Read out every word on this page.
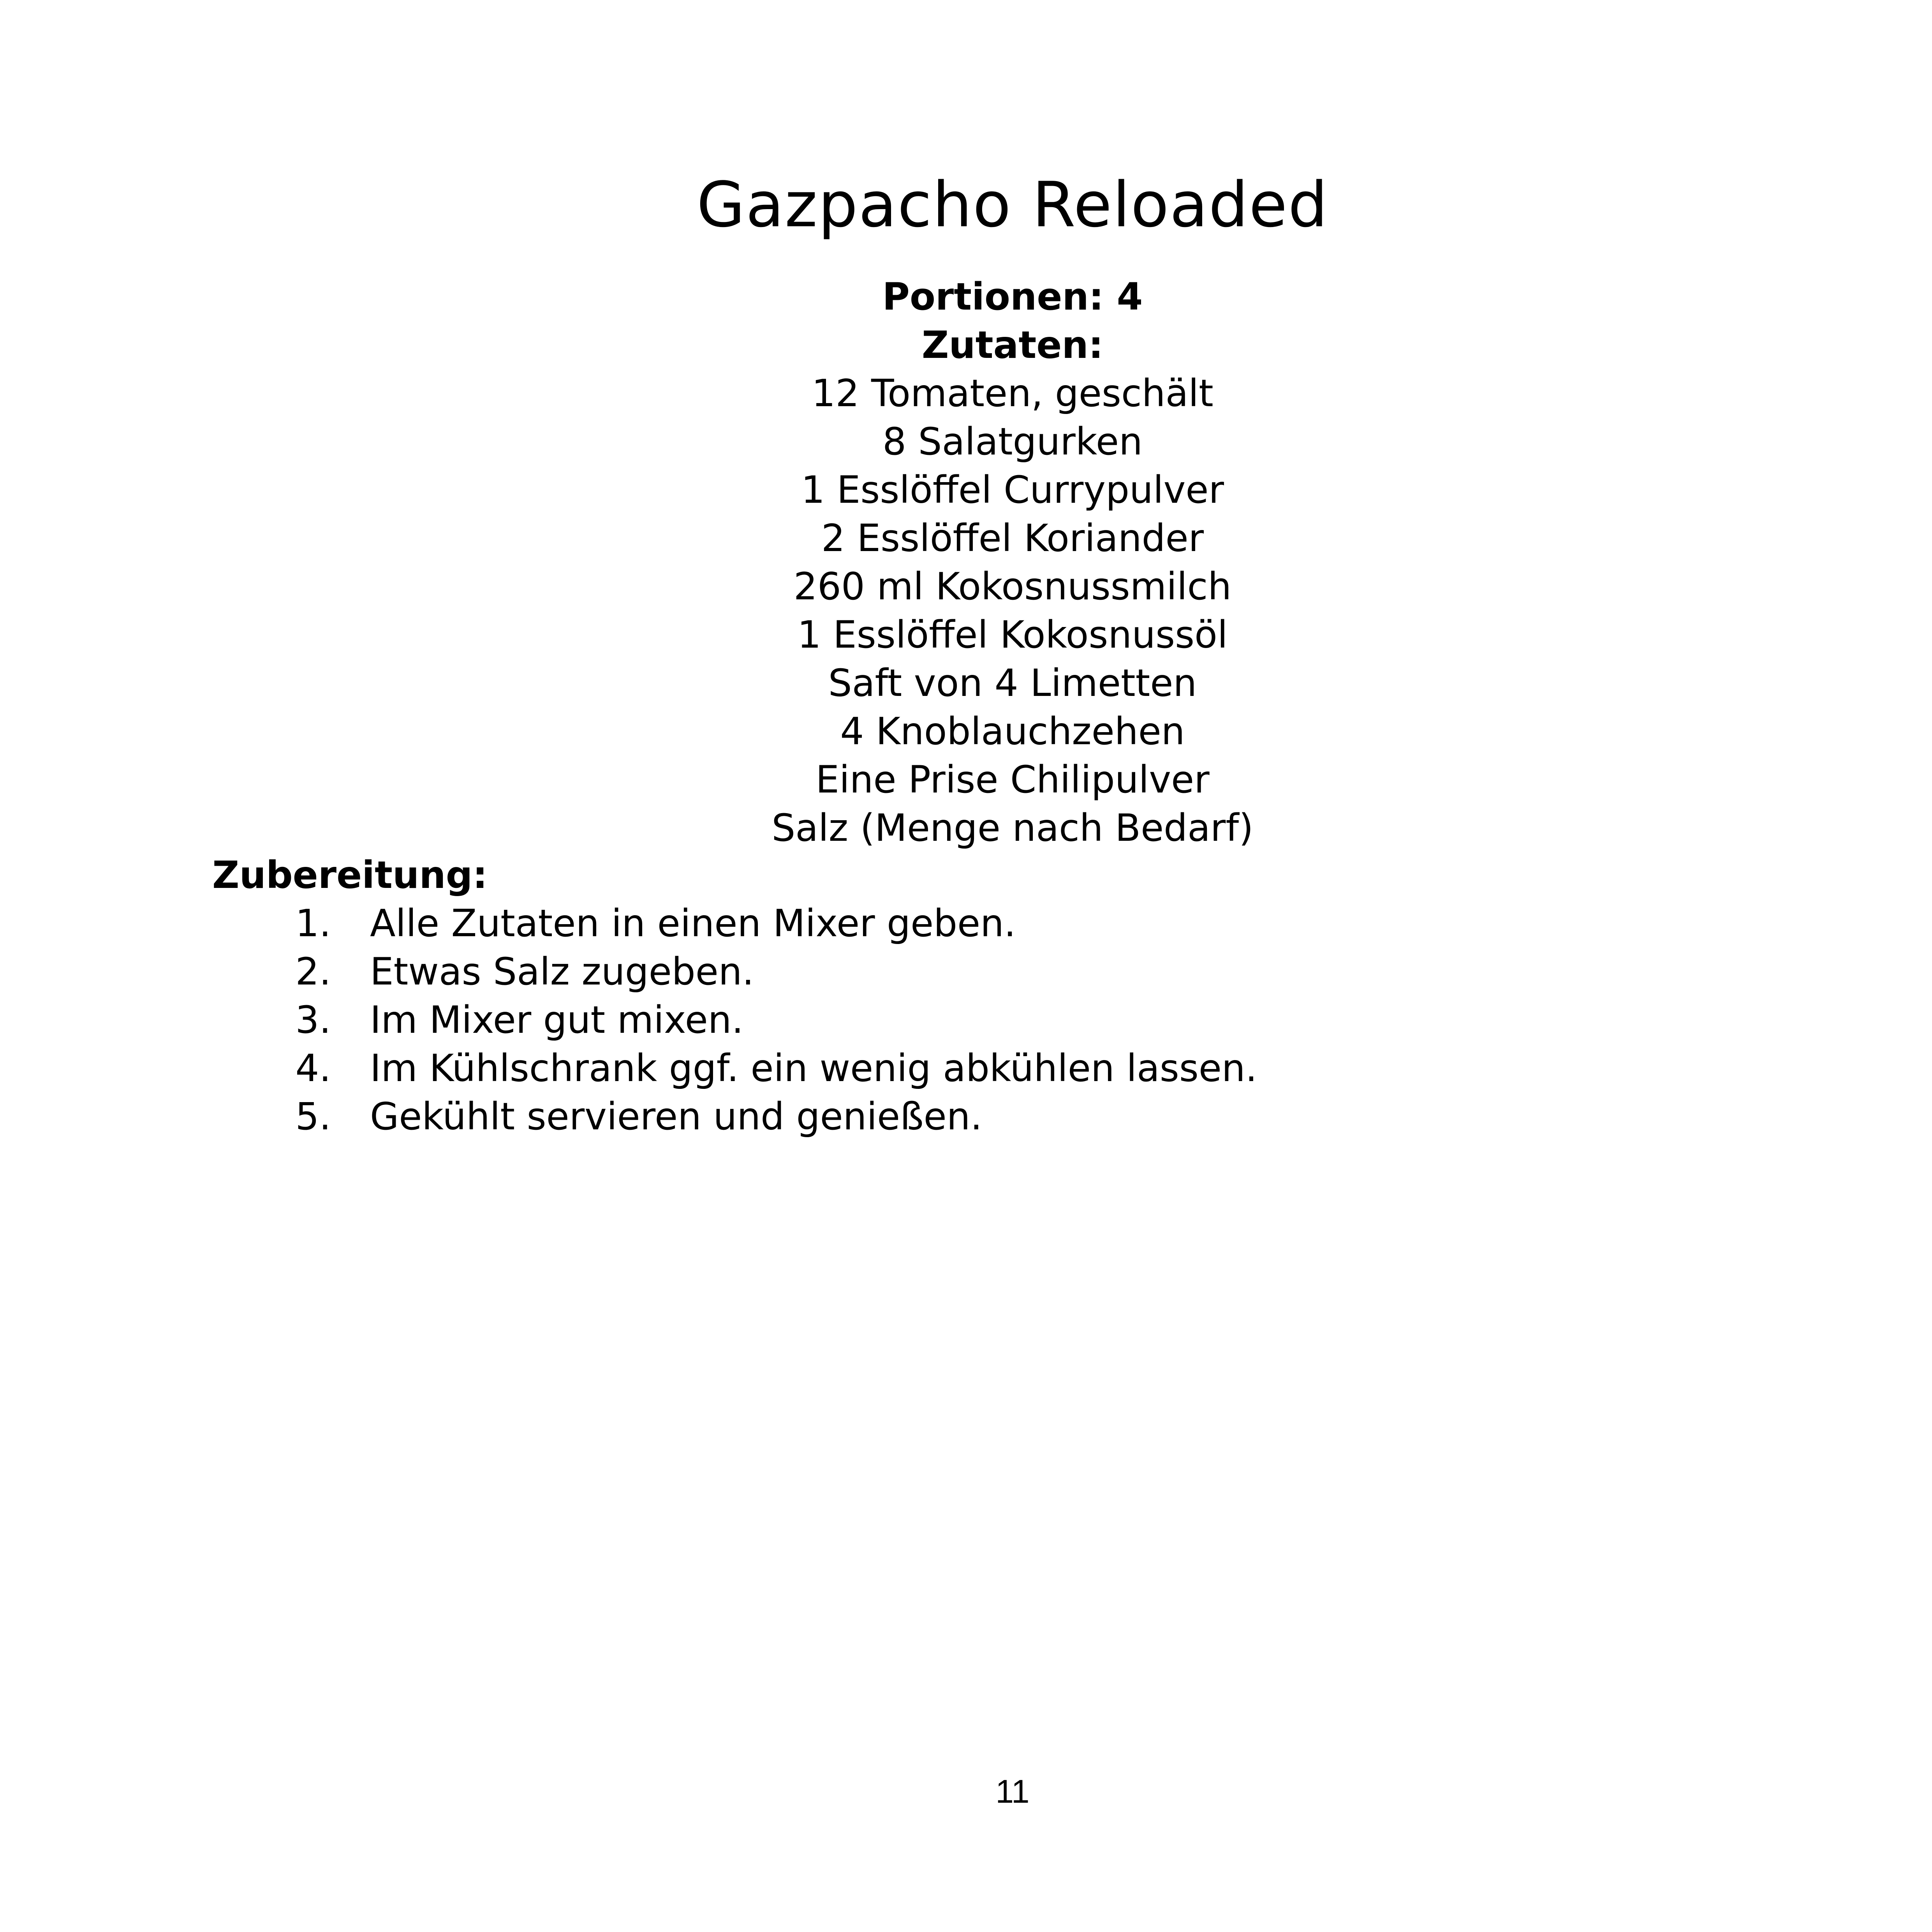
Gazpacho Reloaded

Portionen: 4

Zutaten:

12 Tomaten, geschält
8 Salatgurken
1 Esslöffel Currypulver
2 Esslöffel Koriander
260 ml Kokosnussmilch
1 Esslöffel Kokosnussöl
Saft von 4 Limetten
4 Knoblauchzehen
Eine Prise Chilipulver
Salz (Menge nach Bedarf)

Zubereitung:

1. Alle Zutaten in einen Mixer geben.
2. Etwas Salz zugeben.
3. Im Mixer gut mixen.
4. Im Kühlschrank ggf. ein wenig abkühlen lassen.
5. Gekühlt servieren und genießen.
11
